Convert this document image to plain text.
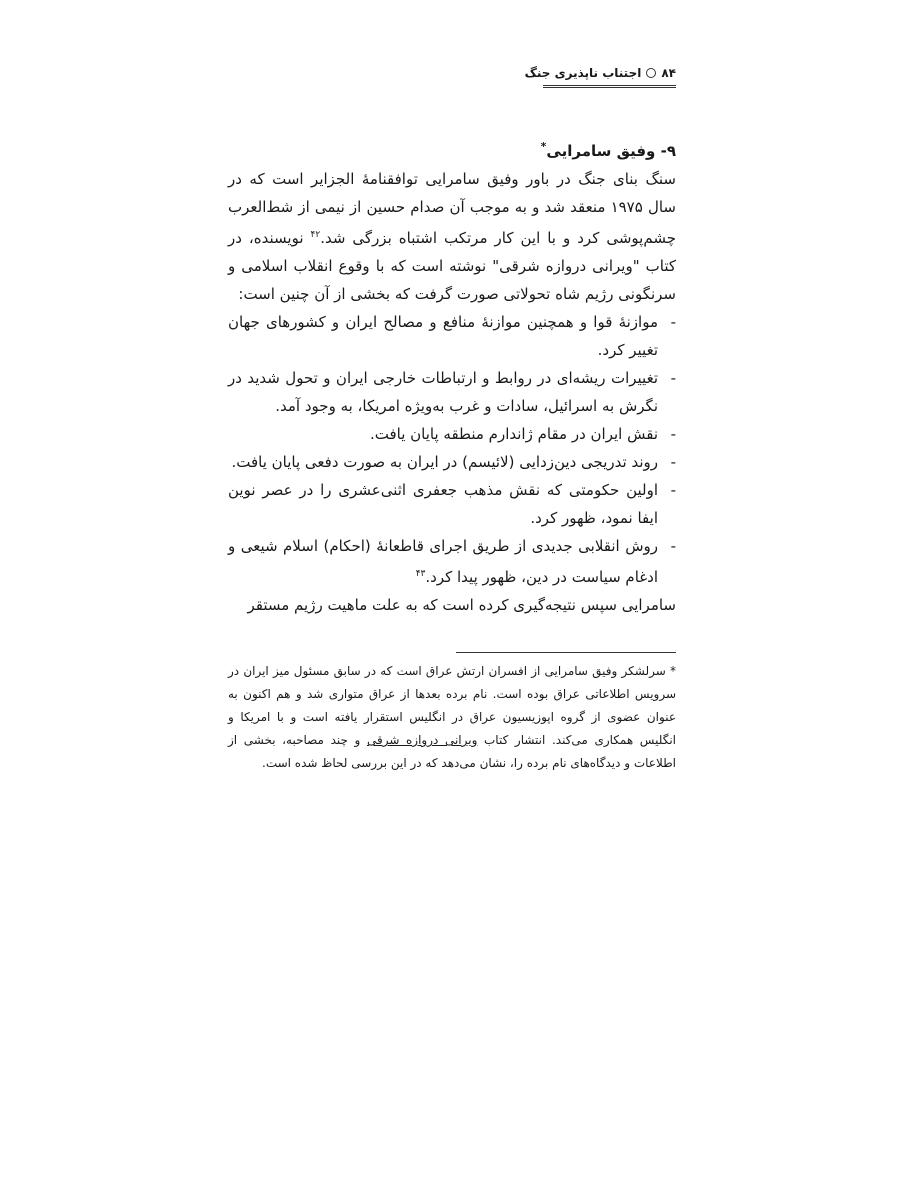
۸۴اجتناب ناپذیری جنگ

۹- وفیق سامرایی*

سنگ بنای جنگ در باور وفیق سامرایی توافقنامهٔ الجزایر است که در سال ۱۹۷۵ منعقد شد و به موجب آن صدام حسین از نیمی از شط‌العرب چشم‌پوشی کرد و با این کار مرتکب اشتباه بزرگی شد.$^{۴۲}$ نویسنده، در کتاب "ویرانی دروازه شرقی" نوشته است که با وقوع انقلاب اسلامی و سرنگونی رژیم شاه تحولاتی صورت گرفت که بخشی از آن چنین است:

-
موازنهٔ قوا و همچنین موازنهٔ منافع و مصالح ایران و کشورهای جهان تغییر کرد.
-
تغییرات ریشه‌ای در روابط و ارتباطات خارجی ایران و تحول شدید در نگرش به اسرائیل، سادات و غرب به‌ویژه امریکا، به وجود آمد.
-
نقش ایران در مقام ژاندارم منطقه پایان یافت.
-
روند تدریجی دین‌زدایی (لائیسم) در ایران به صورت دفعی پایان یافت.
-
اولین حکومتی که نقش مذهب جعفری اثنی‌عشری را در عصر نوین ایفا نمود، ظهور کرد.
-
روش انقلابی جدیدی از طریق اجرای قاطعانهٔ (احکام) اسلام شیعی و ادغام سیاست در دین، ظهور پیدا کرد.$^{۴۳}$

سامرایی سپس نتیجه‌گیری کرده است که به علت ماهیت رژیم مستقر

* سرلشکر وفیق سامرایی از افسران ارتش عراق است که در سابق مسئول میز ایران در سرویس اطلاعاتی عراق بوده است. نام برده بعدها از عراق متواری شد و هم اکنون به عنوان عضوی از گروه اپوزیسیون عراق در انگلیس استقرار یافته است و با امریکا و انگلیس همکاری می‌کند. انتشار کتاب ویرانی دروازه شرقی و چند مصاحبه، بخشی از اطلاعات و دیدگاه‌های نام برده را، نشان می‌دهد که در این بررسی لحاظ شده است.
